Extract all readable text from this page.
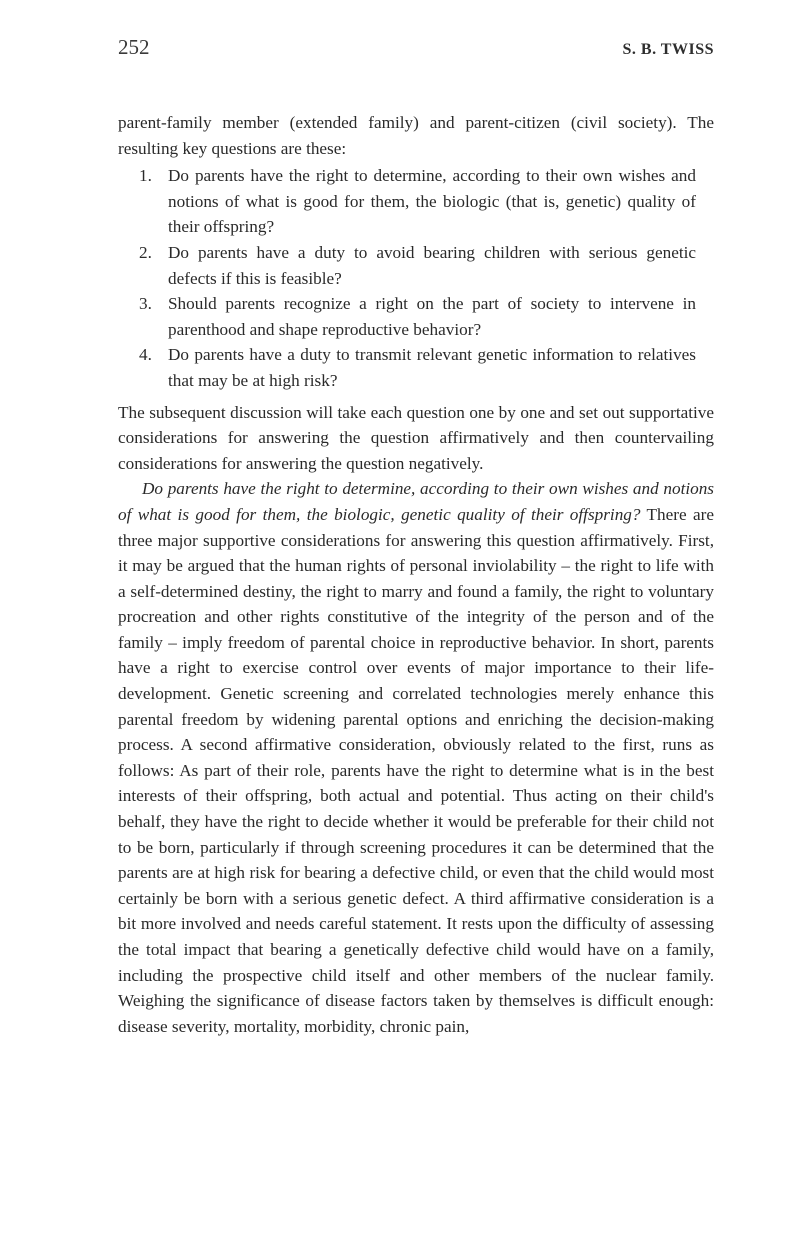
252	S. B. TWISS

parent-family member (extended family) and parent-citizen (civil society). The resulting key questions are these:

1. Do parents have the right to determine, according to their own wishes and notions of what is good for them, the biologic (that is, genetic) quality of their offspring?
2. Do parents have a duty to avoid bearing children with serious genetic defects if this is feasible?
3. Should parents recognize a right on the part of society to intervene in parenthood and shape reproductive behavior?
4. Do parents have a duty to transmit relevant genetic information to relatives that may be at high risk?

The subsequent discussion will take each question one by one and set out supportative considerations for answering the question affirmatively and then countervailing considerations for answering the question negatively.

Do parents have the right to determine, according to their own wishes and notions of what is good for them, the biologic, genetic quality of their offspring? There are three major supportive considerations for answering this question affirmatively. First, it may be argued that the human rights of personal inviolability – the right to life with a self-determined destiny, the right to marry and found a family, the right to voluntary procreation and other rights constitutive of the integrity of the person and of the family – imply freedom of parental choice in reproductive behavior. In short, parents have a right to exercise control over events of major importance to their life-development. Genetic screening and correlated technologies merely enhance this parental freedom by widening parental options and enriching the decision-making process. A second affirmative consideration, obviously related to the first, runs as follows: As part of their role, parents have the right to determine what is in the best interests of their offspring, both actual and potential. Thus acting on their child's behalf, they have the right to decide whether it would be preferable for their child not to be born, particularly if through screening procedures it can be determined that the parents are at high risk for bearing a defective child, or even that the child would most certainly be born with a serious genetic defect. A third affirmative consideration is a bit more involved and needs careful statement. It rests upon the difficulty of assessing the total impact that bearing a genetically defective child would have on a family, including the prospective child itself and other members of the nuclear family. Weighing the significance of disease factors taken by themselves is difficult enough: disease severity, mortality, morbidity, chronic pain,
